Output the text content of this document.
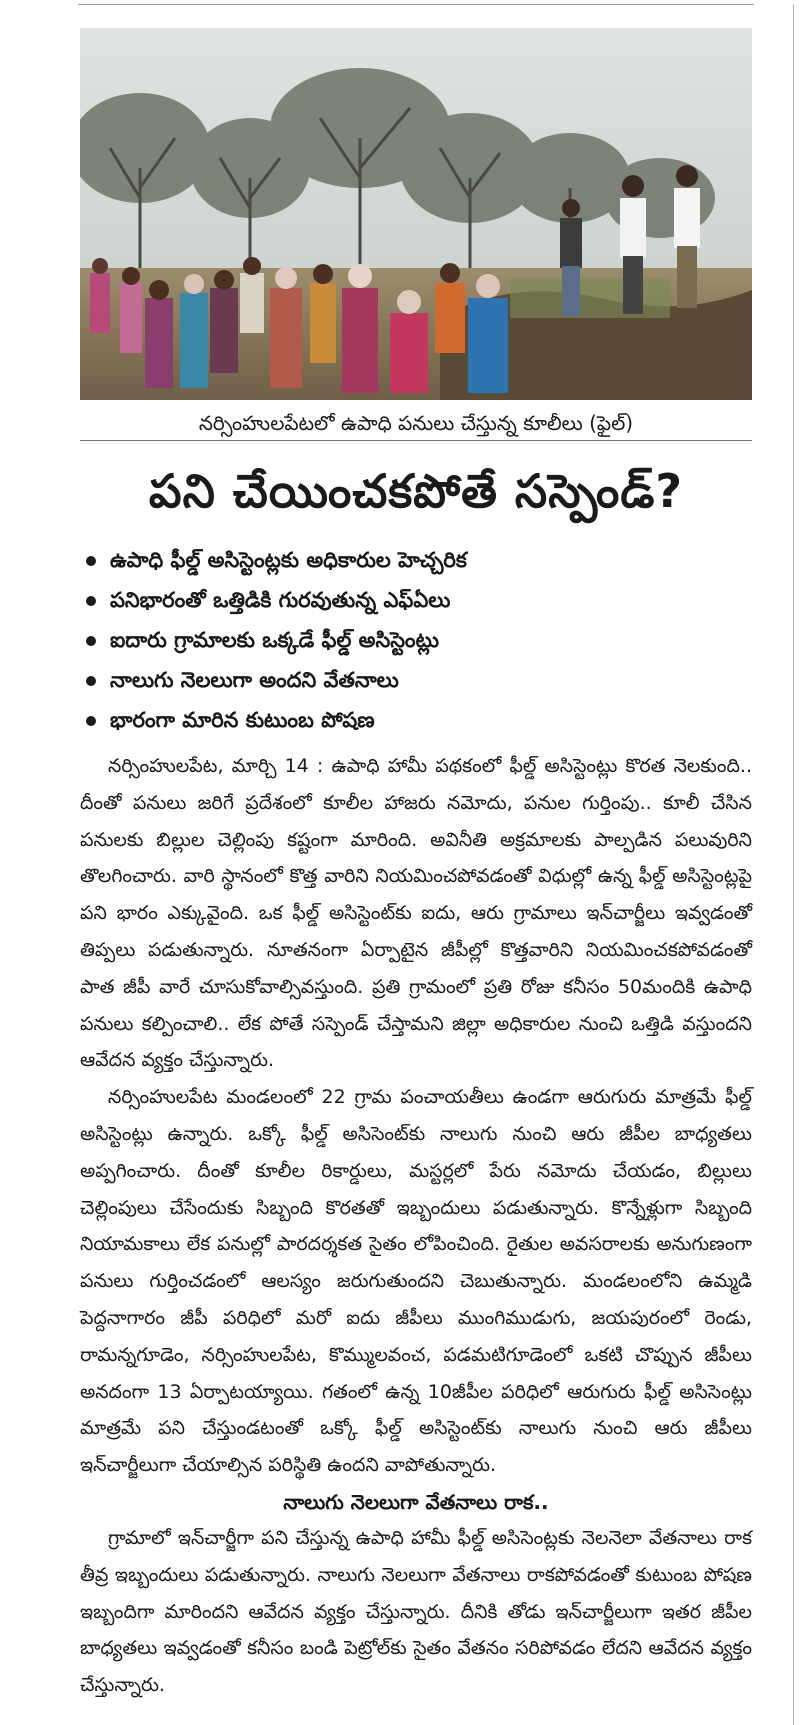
నర్సింహులపేటలో ఉపాధి పనులు చేస్తున్న కూలీలు (ఫైల్)
పని చేయించకపోతే సస్పెండ్?
ఉపాధి ఫీల్డ్ అసిస్టెంట్లకు అధికారుల హెచ్చరిక
పనిభారంతో ఒత్తిడికి గురవుతున్న ఎఫ్‌ఏలు
ఐదారు గ్రామాలకు ఒక్కడే ఫీల్డ్ అసిస్టెంట్లు
నాలుగు నెలలుగా అందని వేతనాలు
భారంగా మారిన కుటుంబ పోషణ

నర్సింహులపేట, మార్చి 14 : ఉపాధి హామీ పథకంలో ఫీల్డ్ అసిస్టెంట్లు కొరత నెలకుంది.. దీంతో పనులు జరిగే ప్రదేశంలో కూలీల హాజరు నమోదు, పనుల గుర్తింపు.. కూలీ చేసిన పనులకు బిల్లుల చెల్లింపు కష్టంగా మారింది. అవినీతి అక్రమాలకు పాల్పడిన పలువురిని తొలగించారు. వారి స్థానంలో కొత్త వారిని నియమించపోవడంతో విధుల్లో ఉన్న ఫీల్డ్ అసిస్టెంట్లపై పని భారం ఎక్కువైంది. ఒక ఫీల్డ్ అసిస్టెంట్‌కు ఐదు, ఆరు గ్రామాలు ఇన్‌చార్జీలు ఇవ్వడంతో తిప్పలు పడుతున్నారు. నూతనంగా ఏర్పాటైన జీపీల్లో కొత్తవారిని నియమించకపోవడంతో పాత జీపీ వారే చూసుకోవాల్సివస్తుంది. ప్రతి గ్రామంలో ప్రతి రోజు కనీసం 50మందికి ఉపాధి పనులు కల్పించాలి.. లేక పోతే సస్పెండ్ చేస్తామని జిల్లా అధికారుల నుంచి ఒత్తిడి వస్తుందని ఆవేదన వ్యక్తం చేస్తున్నారు.

నర్సింహులపేట మండలంలో 22 గ్రామ పంచాయతీలు ఉండగా ఆరుగురు మాత్రమే ఫీల్డ్ అసిస్టెంట్లు ఉన్నారు. ఒక్కో ఫీల్డ్ అసిసెంట్‌కు నాలుగు నుంచి ఆరు జీపీల బాధ్యతలు అప్పగించారు. దీంతో కూలీల రికార్డులు, మస్టర్లలో పేరు నమోదు చేయడం, బిల్లులు చెల్లింపులు చేసేందుకు సిబ్బంది కొరతతో ఇబ్బందులు పడుతున్నారు. కొన్నేళ్లుగా సిబ్బంది నియామకాలు లేక పనుల్లో పారదర్శకత సైతం లోపించింది. రైతుల అవసరాలకు అనుగుణంగా పనులు గుర్తించడంలో ఆలస్యం జరుగుతుందని చెబుతున్నారు. మండలంలోని ఉమ్మడి పెద్దనాగారం జీపీ పరిధిలో మరో ఐదు జీపీలు ముంగిముడుగు, జయపురంలో రెండు, రామన్నగూడెం, నర్సింహులపేట, కొమ్ములవంచ, పడమటిగూడెంలో ఒకటి చొప్పున జీపీలు అనదంగా 13 ఏర్పాటయ్యాయి. గతంలో ఉన్న 10జీపీల పరిధిలో ఆరుగురు ఫీల్డ్ అసిసెంట్లు మాత్రమే పని చేస్తుండటంతో ఒక్కో ఫీల్డ్ అసిస్టెంట్‌కు నాలుగు నుంచి ఆరు జీపీలు ఇన్‌చార్జీలుగా చేయాల్సిన పరిస్థితి ఉందని వాపోతున్నారు.

నాలుగు నెలలుగా వేతనాలు రాక..

గ్రామాలో ఇన్‌చార్జీగా పని చేస్తున్న ఉపాధి హామీ ఫీల్డ్ అసిసెంట్లకు నెలనెలా వేతనాలు రాక తీవ్ర ఇబ్బందులు పడుతున్నారు. నాలుగు నెలలుగా వేతనాలు రాకపోవడంతో కుటుంబ పోషణ ఇబ్బందిగా మారిందని ఆవేదన వ్యక్తం చేస్తున్నారు. దీనికి తోడు ఇన్‌చార్జీలుగా ఇతర జీపీల బాధ్యతలు ఇవ్వడంతో కనీసం బండి పెట్రోల్‌కు సైతం వేతనం సరిపోవడం లేదని ఆవేదన వ్యక్తం చేస్తున్నారు.
